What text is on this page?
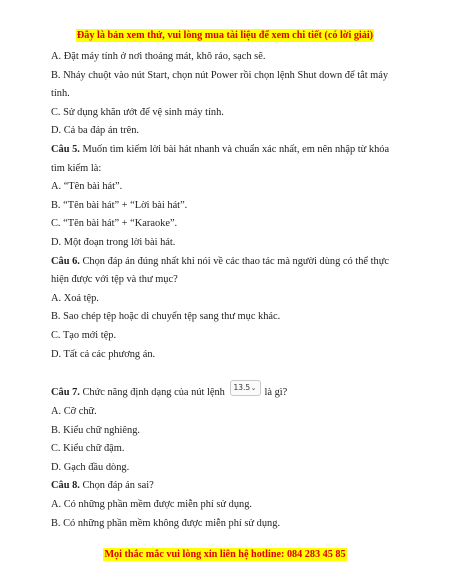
Đây là bản xem thử, vui lòng mua tài liệu để xem chi tiết (có lời giải)

A. Đặt máy tính ở nơi thoáng mát, khô ráo, sạch sẽ.

B. Nháy chuột vào nút Start, chọn nút Power rồi chọn lệnh Shut down để tắt máy

tính.

C. Sử dụng khăn ướt để vệ sinh máy tính.

D. Cả ba đáp án trên.

Câu 5. Muốn tìm kiếm lời bài hát nhanh và chuẩn xác nhất, em nên nhập từ khóa

tìm kiếm là:

A. “Tên bài hát”.

B. “Tên bài hát” + “Lời bài hát”.

C. “Tên bài hát” + “Karaoke”.

D. Một đoạn trong lời bài hát.

Câu 6. Chọn đáp án đúng nhất khi nói về các thao tác mà người dùng có thể thực

hiện được với tệp và thư mục?

A. Xoá tệp.

B. Sao chép tệp hoặc di chuyển tệp sang thư mục khác.

C. Tạo mới tệp.

D. Tất cả các phương án.

Câu 7. Chức năng định dạng của nút lệnh 13.5 ⌄ là gì?

A. Cỡ chữ.

B. Kiểu chữ nghiêng.

C. Kiểu chữ đậm.

D. Gạch đầu dòng.

Câu 8. Chọn đáp án sai?

A. Có những phần mềm được miễn phí sử dụng.

B. Có những phần mềm không được miễn phí sử dụng.

Mọi thắc mắc vui lòng xin liên hệ hotline: 084 283 45 85
